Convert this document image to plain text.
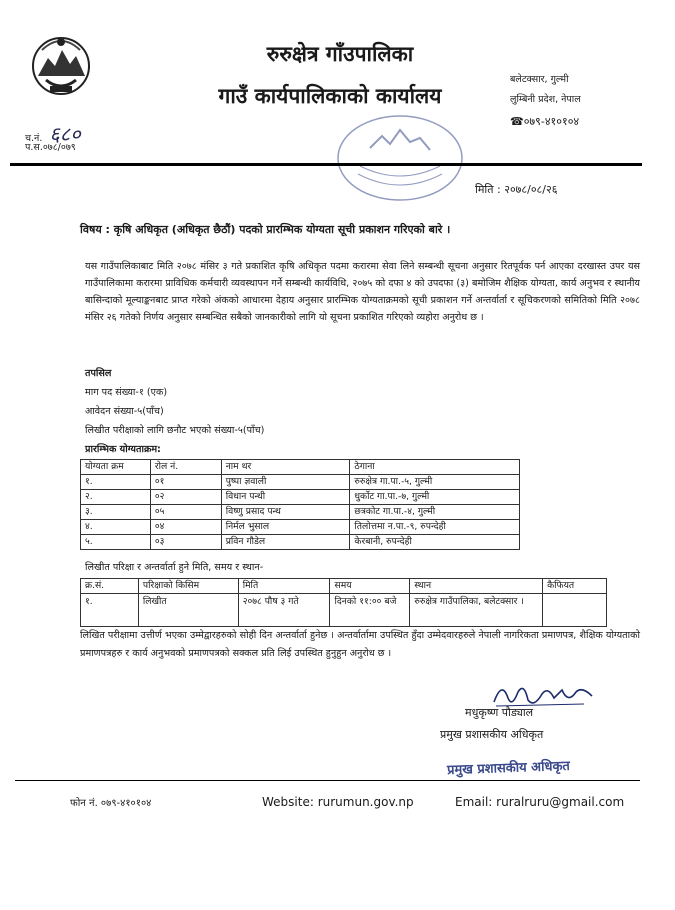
रुरुक्षेत्र गाँउपालिका
गाउँ कार्यपालिकाको कार्यालय
बलेटक्सार, गुल्मी
लुम्बिनी प्रदेश, नेपाल
☎०७९-४१०१०४
च.नं. ६८०
प.स.०७८/०७९
मिति : २०७८/०८/२६
विषय : कृषि अधिकृत (अधिकृत छैठौं) पदको प्रारम्भिक योग्यता सूची प्रकाशन गरिएको बारे ।
यस गाउँपालिकाबाट मिति २०७८ मंसिर ३ गते प्रकाशित कृषि अधिकृत पदमा करारमा सेवा लिने सम्बन्धी सूचना अनुसार रितपूर्वक पर्न आएका दरखास्त उपर यस गाउँपालिकामा करारमा प्राविधिक कर्मचारी व्यवस्थापन गर्ने सम्बन्धी कार्यविधि, २०७५ को दफा ४ को उपदफा (३) बमोजिम शैक्षिक योग्यता, कार्य अनुभव र स्थानीय बासिन्दाको मूल्याङ्कनबाट प्राप्त गरेको अंकको आधारमा देहाय अनुसार प्रारम्भिक योग्यताक्रमको सूची प्रकाशन गर्ने अन्तर्वार्ता र सूचिकरणको समितिको मिति २०७८ मंसिर २६ गतेको निर्णय अनुसार सम्बन्धित सबैको जानकारीको लागि यो सूचना प्रकाशित गरिएको व्यहोरा अनुरोध छ ।
तपसिल
माग पद संख्या-१ (एक)
आवेदन संख्या-५(पाँच)
लिखीत परीक्षाको लागि छनौट भएको संख्या-५(पाँच)
प्रारम्भिक योग्यताक्रम:
योग्यता क्रम	रोल नं.	नाम थर	ठेगाना
१.	०१	पुष्पा ज्ञवाली	रुरुक्षेत्र गा.पा.-५, गुल्मी
२.	०२	विधान पन्थी	धुर्कोट गा.पा.-७, गुल्मी
३.	०५	विष्णु प्रसाद पन्थ	छत्रकोट गा.पा.-४, गुल्मी
४.	०४	निर्मल भुसाल	तिलोत्तमा न.पा.-९, रुपन्देही
५.	०३	प्रविन गौडेल	केरबानी, रुपन्देही
लिखीत परिक्षा र अन्तर्वार्ता हुने मिति, समय र स्थान-
क्र.सं.	परिक्षाको किसिम	मिति	समय	स्थान	कैफियत
१.	लिखीत	२०७८ पौष ३ गते	दिनको ११:०० बजे	रुरुक्षेत्र गाउँपालिका, बलेटक्सार ।	
लिखित परीक्षामा उत्तीर्ण भएका उम्मेद्वारहरुको सोही दिन अन्तर्वार्ता हुनेछ । अन्तर्वार्तामा उपस्थित हुँदा उम्मेदवारहरुले नेपाली नागरिकता प्रमाणपत्र, शैक्षिक योग्यताको प्रमाणपत्रहरु र कार्य अनुभवको प्रमाणपत्रको सक्कल प्रति लिई उपस्थित हुनुहुन अनुरोध छ ।
मधुकृष्ण पौड्याल
प्रमुख प्रशासकीय अधिकृत
प्रमुख प्रशासकीय अधिकृत
फोन नं. ०७९-४१०१०४	Website: rurumun.gov.np	Email: ruralruru@gmail.com
